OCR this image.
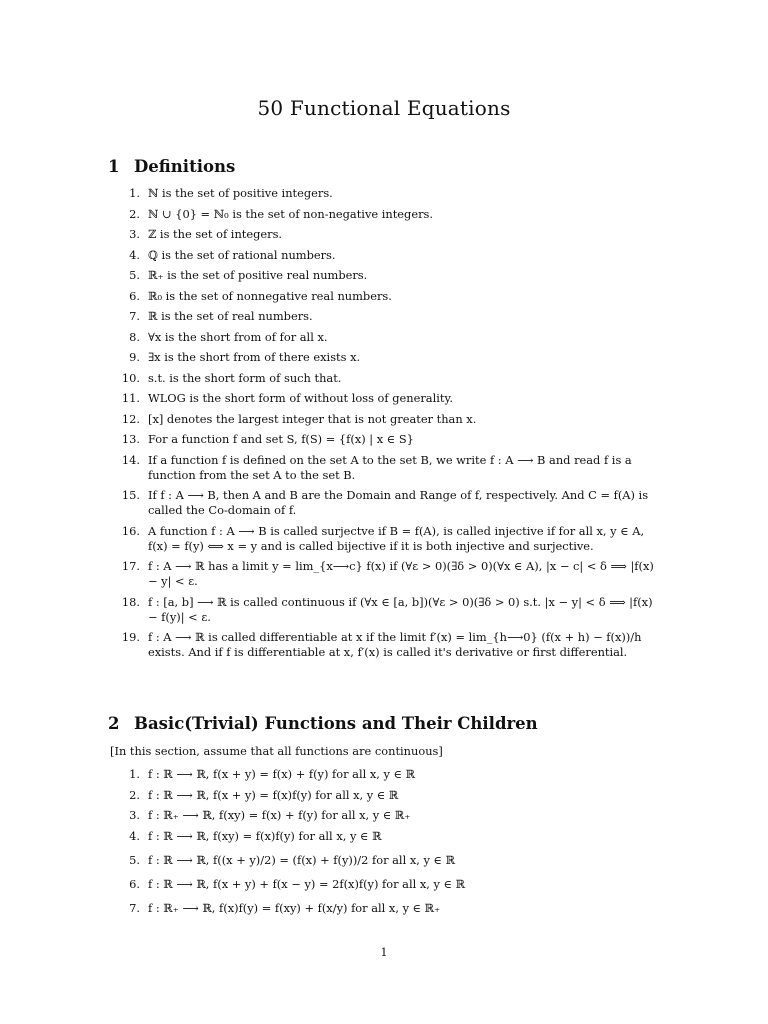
50 Functional Equations
1 Definitions
1. ℕ is the set of positive integers.
2. ℕ ∪ {0} = ℕ₀ is the set of non-negative integers.
3. ℤ is the set of integers.
4. ℚ is the set of rational numbers.
5. ℝ₊ is the set of positive real numbers.
6. ℝ₀ is the set of nonnegative real numbers.
7. ℝ is the set of real numbers.
8. ∀x is the short from of for all x.
9. ∃x is the short from of there exists x.
10. s.t. is the short form of such that.
11. WLOG is the short form of without loss of generality.
12. [x] denotes the largest integer that is not greater than x.
13. For a function f and set S, f(S) = {f(x) | x ∈ S}
14. If a function f is defined on the set A to the set B, we write f : A ⟶ B and read f is a function from the set A to the set B.
15. If f : A ⟶ B, then A and B are the Domain and Range of f, respectively. And C = f(A) is called the Co-domain of f.
16. A function f : A ⟶ B is called surjectve if B = f(A), is called injective if for all x, y ∈ A, f(x) = f(y) ⟺ x = y and is called bijective if it is both injective and surjective.
17. f : A ⟶ ℝ has a limit y = lim_{x⟶c} f(x) if (∀ε > 0)(∃δ > 0)(∀x ∈ A), |x − c| < δ ⟹ |f(x) − y| < ε.
18. f : [a, b] ⟶ ℝ is called continuous if (∀x ∈ [a, b])(∀ε > 0)(∃δ > 0) s.t. |x − y| < δ ⟹ |f(x) − f(y)| < ε.
19. f : A ⟶ ℝ is called differentiable at x if the limit f′(x) = lim_{h⟶0} (f(x + h) − f(x))/h exists. And if f is differentiable at x, f′(x) is called it's derivative or first differential.
2 Basic(Trivial) Functions and Their Children
[In this section, assume that all functions are continuous]
1. f : ℝ ⟶ ℝ, f(x + y) = f(x) + f(y) for all x, y ∈ ℝ
2. f : ℝ ⟶ ℝ, f(x + y) = f(x)f(y) for all x, y ∈ ℝ
3. f : ℝ₊ ⟶ ℝ, f(xy) = f(x) + f(y) for all x, y ∈ ℝ₊
4. f : ℝ ⟶ ℝ, f(xy) = f(x)f(y) for all x, y ∈ ℝ
5. f : ℝ ⟶ ℝ, f((x + y)/2) = (f(x) + f(y))/2 for all x, y ∈ ℝ
6. f : ℝ ⟶ ℝ, f(x + y) + f(x − y) = 2f(x)f(y) for all x, y ∈ ℝ
7. f : ℝ₊ ⟶ ℝ, f(x)f(y) = f(xy) + f(x/y) for all x, y ∈ ℝ₊
1
